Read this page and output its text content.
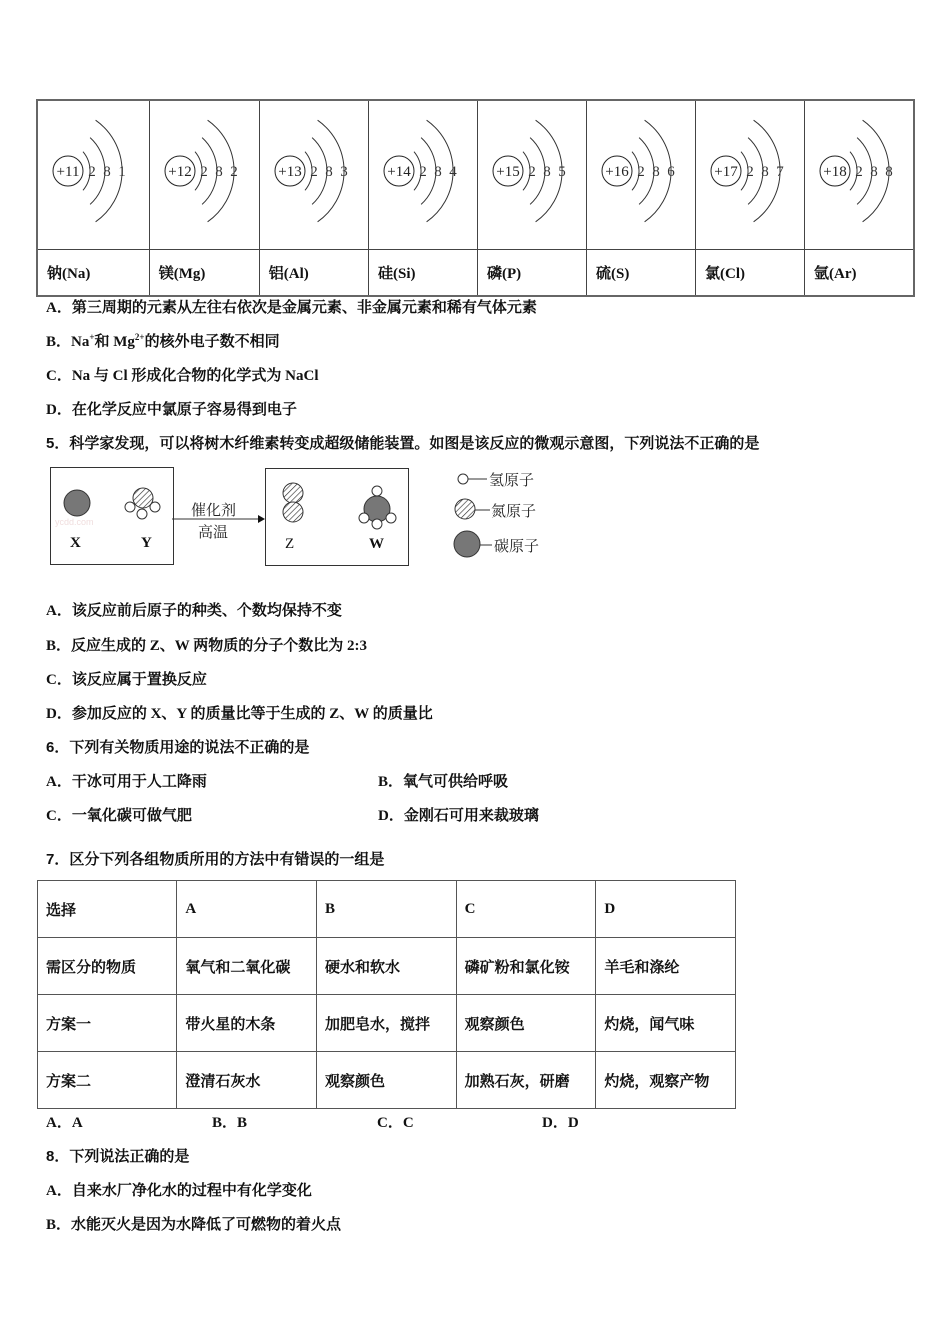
+11 2 8 1	+12 2 8 2	+13 2 8 3	+14 2 8 4	+15 2 8 5	+16 2 8 6	+17 2 8 7	+18 2 8 8

钠(Na)	镁(Mg)	铝(Al)	硅(Si)	磷(P)	硫(S)	氯(Cl)	氩(Ar)
A．第三周期的元素从左往右依次是金属元素、非金属元素和稀有气体元素
B．Na+和 $Mg^{2+}$的核外电子数不相同
C．Na 与 Cl 形成化合物的化学式为 NaCl
D．在化学反应中氯原子容易得到电子
5．科学家发现，可以将树木纤维素转变成超级储能装置。如图是该反应的微观示意图，下列说法不正确的是
ycdd.com
X	Y	Z	W
催化剂
高温
氢原子
氮原子
碳原子
A．该反应前后原子的种类、个数均保持不变
B．反应生成的 Z、W 两物质的分子个数比为 2:3
C．该反应属于置换反应
D．参加反应的 X、Y 的质量比等于生成的 Z、W 的质量比
6．下列有关物质用途的说法不正确的是
A．干冰可用于人工降雨	B．氧气可供给呼吸
C．一氧化碳可做气肥	D．金刚石可用来裁玻璃
7．区分下列各组物质所用的方法中有错误的一组是
选择	A	B	C	D
需区分的物质	氧气和二氧化碳	硬水和软水	磷矿粉和氯化铵	羊毛和涤纶
方案一	带火星的木条	加肥皂水，搅拌	观察颜色	灼烧，闻气味
方案二	澄清石灰水	观察颜色	加熟石灰，研磨	灼烧，观察产物
A．A	B．B	C．C	D．D
8．下列说法正确的是
A．自来水厂净化水的过程中有化学变化
B．水能灭火是因为水降低了可燃物的着火点
